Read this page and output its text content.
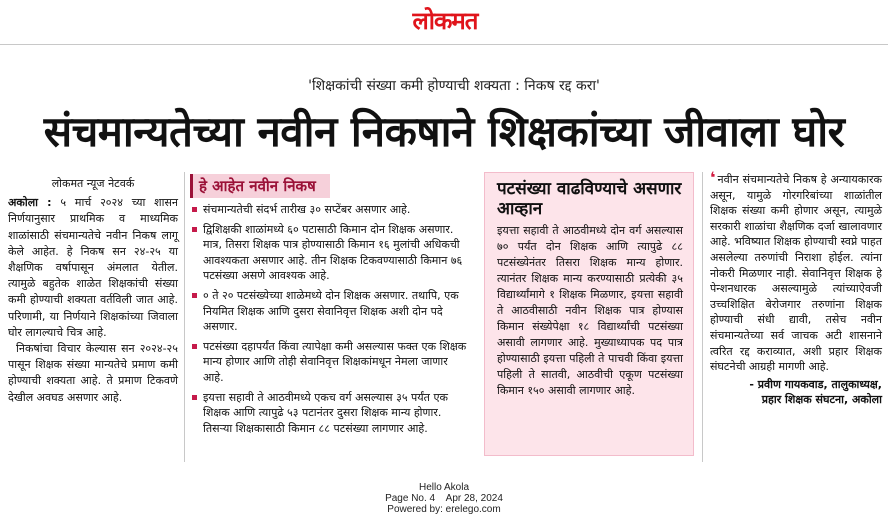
लोकमत
'शिक्षकांची संख्या कमी होण्याची शक्यता : निकष रद्द करा'
संचमान्यतेच्या नवीन निकषाने शिक्षकांच्या जीवाला घोर
लोकमत न्यूज नेटवर्क

अकोला : ५ मार्च २०२४ च्या शासन निर्णयानुसार प्राथमिक व माध्यमिक शाळांसाठी संचमान्यतेचे नवीन निकष लागू केले आहेत. हे निकष सन २४-२५ या शैक्षणिक वर्षापासून अंमलात येतील. त्यामुळे बहुतेक शाळेत शिक्षकांची संख्या कमी होण्याची शक्यता वर्तविली जात आहे. परिणामी, या निर्णयाने शिक्षकांच्या जिवाला घोर लागल्याचे चित्र आहे.

निकषांचा विचार केल्यास सन २०२४-२५ पासून शिक्षक संख्या मान्यतेचे प्रमाण कमी होण्याची शक्यता आहे. ते प्रमाण टिकवणे देखील अवघड असणार आहे.

हे आहेत नवीन निकष
संचमान्यतेची संदर्भ तारीख ३० सप्टेंबर असणार आहे.
द्विशिक्षकी शाळांमध्ये ६० पटासाठी किमान दोन शिक्षक असणार. मात्र, तिसरा शिक्षक पात्र होण्यासाठी किमान १६ मुलांची अधिकची आवश्यकता असणार आहे. तीन शिक्षक टिकवण्यासाठी किमान ७६ पटसंख्या असणे आवश्यक आहे.
० ते २० पटसंख्येच्या शाळेमध्ये दोन शिक्षक असणार. तथापि, एक नियमित शिक्षक आणि दुसरा सेवानिवृत्त शिक्षक अशी दोन पदे असणार.
पटसंख्या दहापर्यंत किंवा त्यापेक्षा कमी असल्यास फक्त एक शिक्षक मान्य होणार आणि तोही सेवानिवृत्त शिक्षकांमधून नेमला जाणार आहे.
इयत्ता सहावी ते आठवीमध्ये एकच वर्ग असल्यास ३५ पर्यंत एक शिक्षक आणि त्यापुढे ५३ पटानंतर दुसरा शिक्षक मान्य होणार. तिसऱ्या शिक्षकासाठी किमान ८८ पटसंख्या लागणार आहे.
पटसंख्या वाढविण्याचे असणार आव्हान
इयत्ता सहावी ते आठवीमध्ये दोन वर्ग असल्यास ७० पर्यंत दोन शिक्षक आणि त्यापुढे ८८ पटसंख्येनंतर तिसरा शिक्षक मान्य होणार. त्यानंतर शिक्षक मान्य करण्यासाठी प्रत्येकी ३५ विद्यार्थ्यांमागे १ शिक्षक मिळणार, इयत्ता सहावी ते आठवीसाठी नवीन शिक्षक पात्र होण्यास किमान संख्येपेक्षा १८ विद्यार्थ्यांची पटसंख्या असावी लागणार आहे. मुख्याध्यापक पद पात्र होण्यासाठी इयत्ता पहिली ते पाचवी किंवा इयत्ता पहिली ते सातवी, आठवीची एकूण पटसंख्या किमान १५० असावी लागणार आहे.
❛ नवीन संचमान्यतेचे निकष हे अन्यायकारक असून, यामुळे गोरगरिबांच्या शाळांतील शिक्षक संख्या कमी होणार असून, त्यामुळे सरकारी शाळांचा शैक्षणिक दर्जा खालावणार आहे. भविष्यात शिक्षक होण्याची स्वप्ने पाहत असलेल्या तरुणांची निराशा होईल. त्यांना नोकरी मिळणार नाही. सेवानिवृत्त शिक्षक हे पेन्शनधारक असल्यामुळे त्यांच्याऐवजी उच्चशिक्षित बेरोजगार तरुणांना शिक्षक होण्याची संधी द्यावी, तसेच नवीन संचमान्यतेच्या सर्व जाचक अटी शासनाने त्वरित रद्द कराव्यात, अशी प्रहार शिक्षक संघटनेची आग्रही मागणी आहे.
- प्रवीण गायकवाड, तालुकाध्यक्ष,
प्रहार शिक्षक संघटना, अकोला
Hello Akola
Page No. 4    Apr 28, 2024
Powered by: erelego.com
